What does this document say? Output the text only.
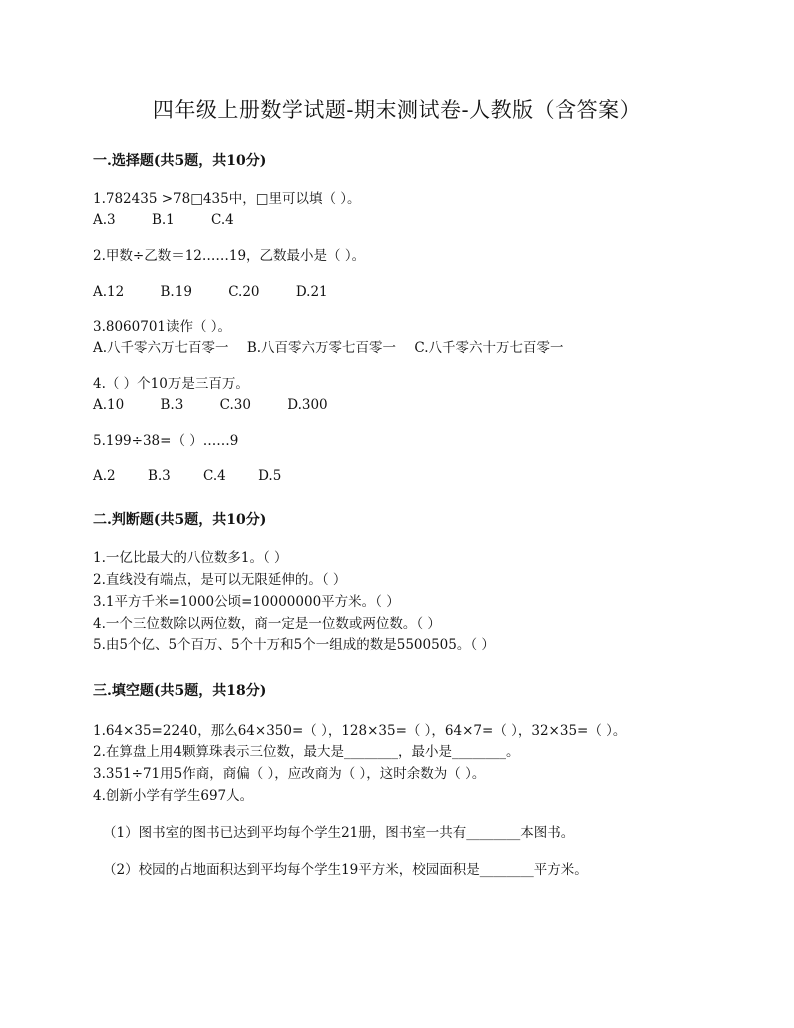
四年级上册数学试题-期末测试卷-人教版（含答案）
一.选择题(共5题，共10分)
1.782435 >78□435中，□里可以填（ ）。
A.3	B.1	C.4
2.甲数÷乙数＝12……19，乙数最小是（ ）。
A.12	B.19	C.20	D.21
3.8060701读作（ ）。
A.八千零六万七百零一 B.八百零六万零七百零一 C.八千零六十万七百零一
4.（ ）个10万是三百万。
A.10	B.3	C.30	D.300
5.199÷38=（ ）……9
A.2 B.3 C.4 D.5
二.判断题(共5题，共10分)
1.一亿比最大的八位数多1。（ ）
2.直线没有端点，是可以无限延伸的。（ ）
3.1平方千米=1000公顷=10000000平方米。（ ）
4.一个三位数除以两位数，商一定是一位数或两位数。（ ）
5.由5个亿、5个百万、5个十万和5个一组成的数是5500505。（ ）
三.填空题(共5题，共18分)
1.64×35=2240，那么64×350=（ ），128×35=（ ），64×7=（ ），32×35=（ ）。
2.在算盘上用4颗算珠表示三位数，最大是________，最小是________。
3.351÷71用5作商，商偏（ ），应改商为（ ），这时余数为（ ）。
4.创新小学有学生697人。
（1）图书室的图书已达到平均每个学生21册，图书室一共有________本图书。
（2）校园的占地面积达到平均每个学生19平方米，校园面积是________平方米。
